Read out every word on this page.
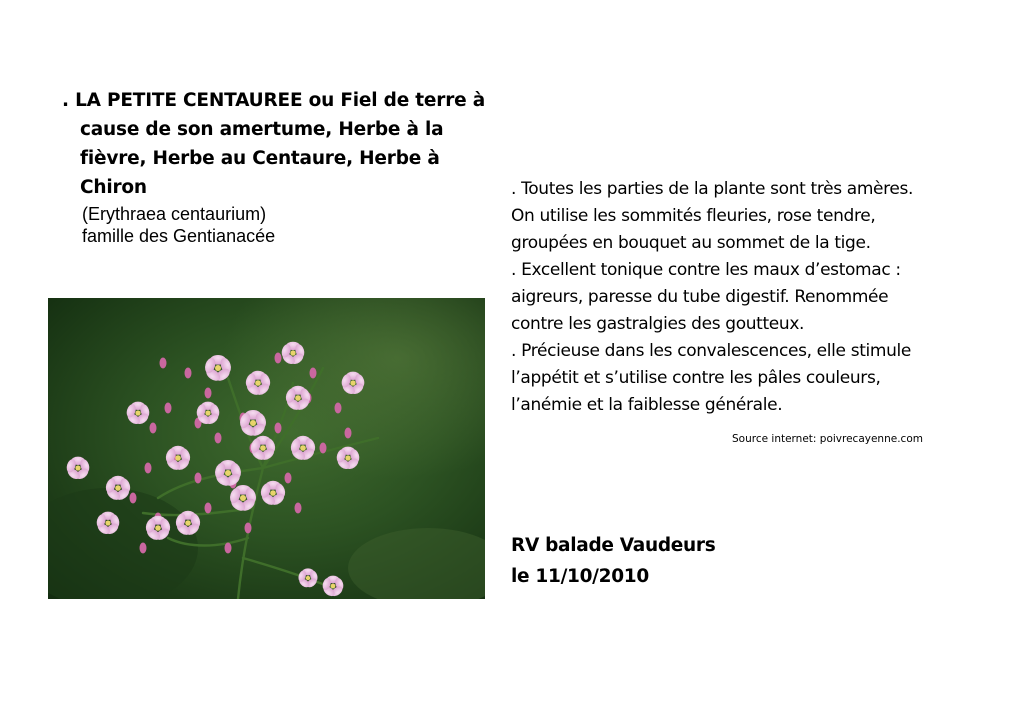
. LA PETITE CENTAUREE ou Fiel de terre à
cause de son amertume, Herbe à la
fièvre, Herbe au Centaure, Herbe à
Chiron
(Erythraea centaurium)
famille des Gentianacée
. Toutes les parties de la plante sont très amères.
On utilise les sommités fleuries, rose tendre,
groupées en bouquet au sommet de la tige.
. Excellent tonique contre les maux d’estomac :
aigreurs, paresse du tube digestif. Renommée
contre les gastralgies des goutteux.
. Précieuse dans les convalescences, elle stimule
l’appétit et s’utilise contre les pâles couleurs,
l’anémie et la faiblesse générale.
Source internet: poivrecayenne.com
RV balade Vaudeurs
le 11/10/2010
